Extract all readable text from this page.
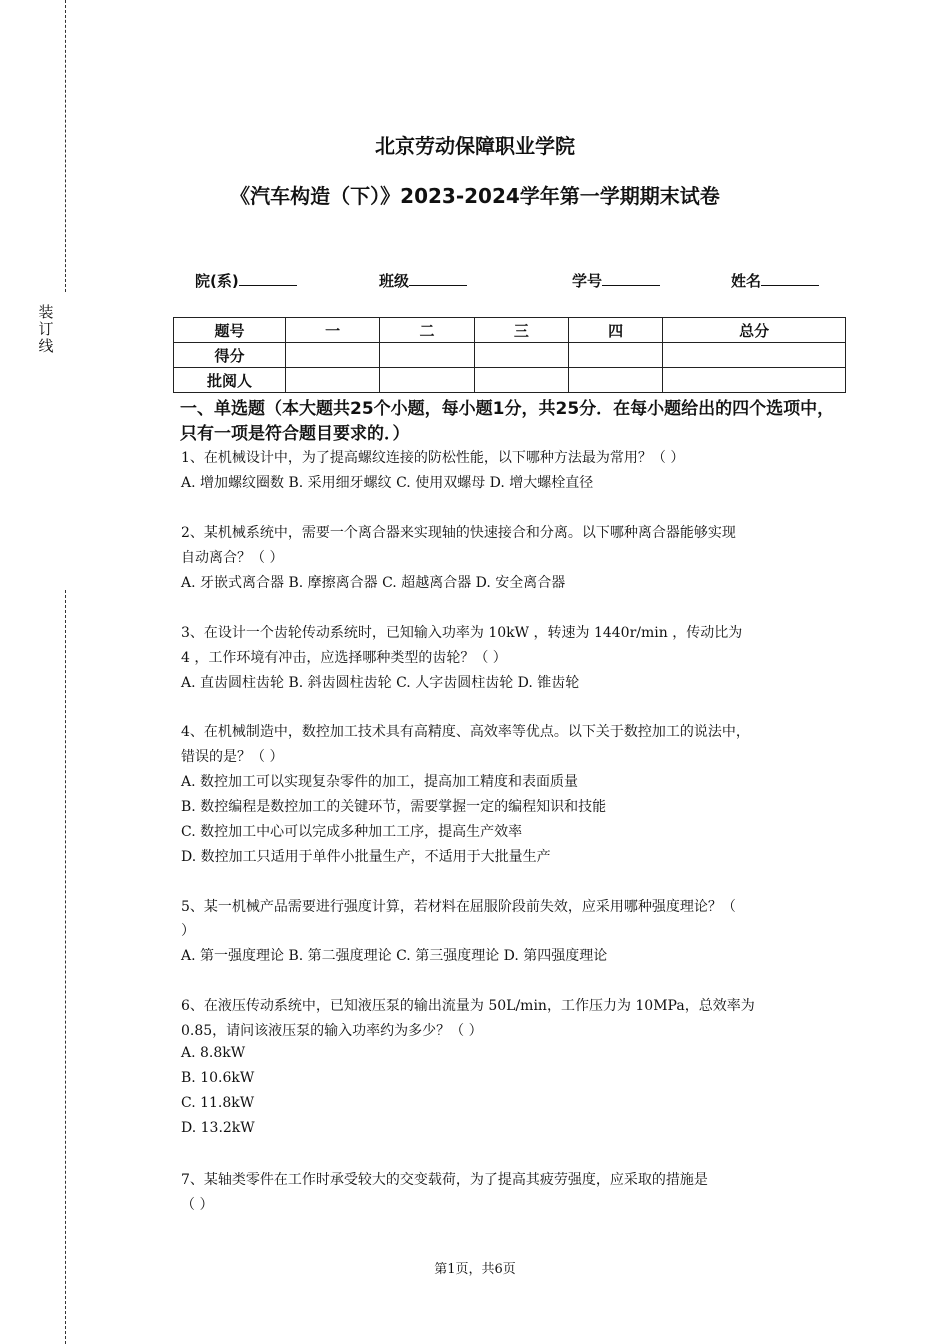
装订线
北京劳动保障职业学院
《汽车构造（下）》2023-2024学年第一学期期末试卷
院(系)	班级	学号	姓名
题号	一	二	三	四	总分
得分					
批阅人					
一、单选题（本大题共25个小题，每小题1分，共25分．在每小题给出的四个选项中，只有一项是符合题目要求的．）
1、在机械设计中，为了提高螺纹连接的防松性能，以下哪种方法最为常用？（ ）
A. 增加螺纹圈数 B. 采用细牙螺纹 C. 使用双螺母 D. 增大螺栓直径
2、某机械系统中，需要一个离合器来实现轴的快速接合和分离。以下哪种离合器能够实现
自动离合？（ ）
A. 牙嵌式离合器 B. 摩擦离合器 C. 超越离合器 D. 安全离合器
3、在设计一个齿轮传动系统时，已知输入功率为 10kW ，转速为 1440r/min ，传动比为
4 ，工作环境有冲击，应选择哪种类型的齿轮？（ ）
A. 直齿圆柱齿轮 B. 斜齿圆柱齿轮 C. 人字齿圆柱齿轮 D. 锥齿轮
4、在机械制造中，数控加工技术具有高精度、高效率等优点。以下关于数控加工的说法中，
错误的是？（ ）
A. 数控加工可以实现复杂零件的加工，提高加工精度和表面质量
B. 数控编程是数控加工的关键环节，需要掌握一定的编程知识和技能
C. 数控加工中心可以完成多种加工工序，提高生产效率
D. 数控加工只适用于单件小批量生产，不适用于大批量生产
5、某一机械产品需要进行强度计算，若材料在屈服阶段前失效，应采用哪种强度理论？（
）
A. 第一强度理论 B. 第二强度理论 C. 第三强度理论 D. 第四强度理论
6、在液压传动系统中，已知液压泵的输出流量为 50L/min，工作压力为 10MPa，总效率为
0.85，请问该液压泵的输入功率约为多少？（ ）
A. 8.8kW
B. 10.6kW
C. 11.8kW
D. 13.2kW
7、某轴类零件在工作时承受较大的交变载荷，为了提高其疲劳强度，应采取的措施是
（ ）
第1页，共6页
